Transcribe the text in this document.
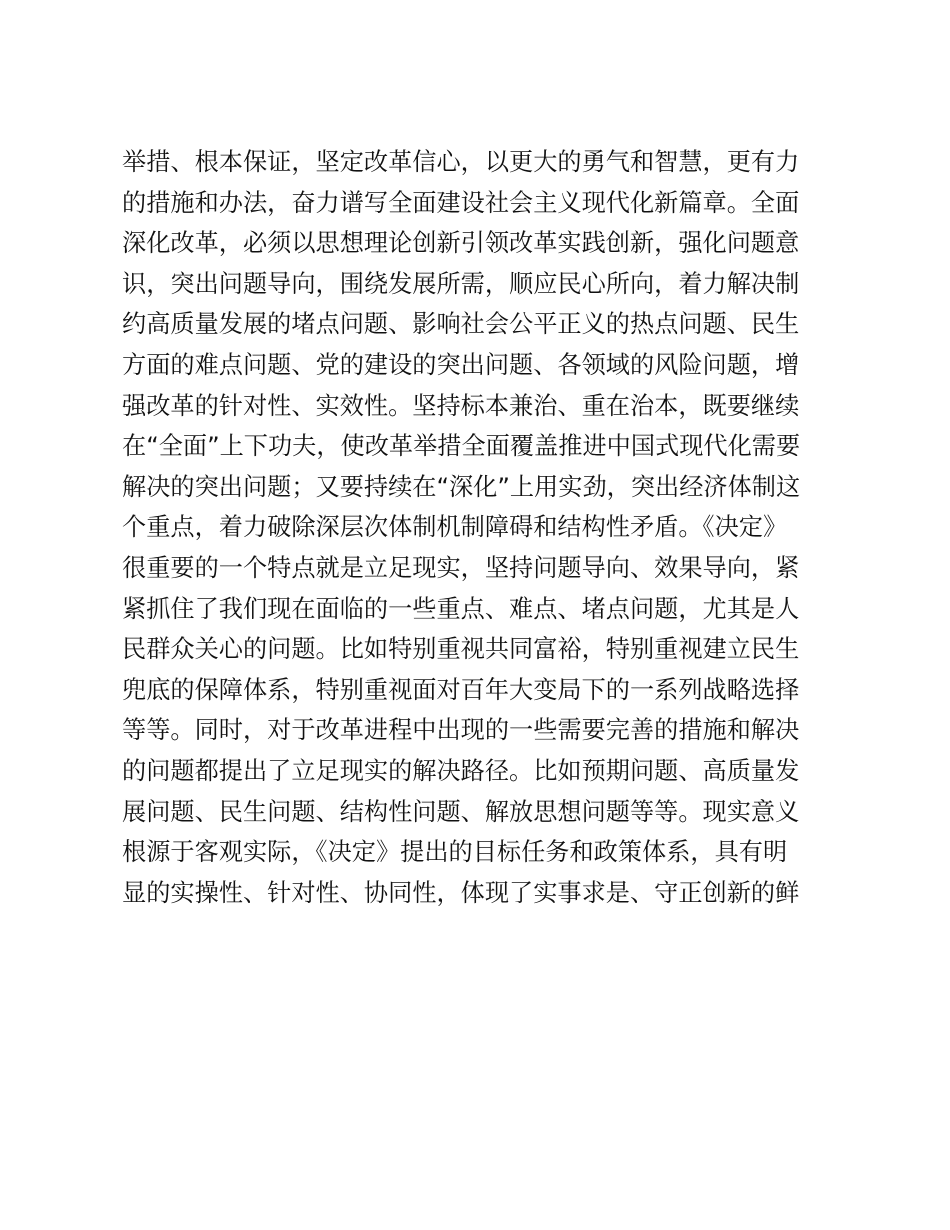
举措、根本保证，坚定改革信心，以更大的勇气和智慧，更有力
的措施和办法，奋力谱写全面建设社会主义现代化新篇章。全面
深化改革，必须以思想理论创新引领改革实践创新，强化问题意
识，突出问题导向，围绕发展所需，顺应民心所向，着力解决制
约高质量发展的堵点问题、影响社会公平正义的热点问题、民生
方面的难点问题、党的建设的突出问题、各领域的风险问题，增
强改革的针对性、实效性。坚持标本兼治、重在治本，既要继续
在“全面”上下功夫，使改革举措全面覆盖推进中国式现代化需要
解决的突出问题；又要持续在“深化”上用实劲，突出经济体制这
个重点，着力破除深层次体制机制障碍和结构性矛盾。《决定》
很重要的一个特点就是立足现实，坚持问题导向、效果导向，紧
紧抓住了我们现在面临的一些重点、难点、堵点问题，尤其是人
民群众关心的问题。比如特别重视共同富裕，特别重视建立民生
兜底的保障体系，特别重视面对百年大变局下的一系列战略选择
等等。同时，对于改革进程中出现的一些需要完善的措施和解决
的问题都提出了立足现实的解决路径。比如预期问题、高质量发
展问题、民生问题、结构性问题、解放思想问题等等。现实意义
根源于客观实际，《决定》提出的目标任务和政策体系，具有明
显的实操性、针对性、协同性，体现了实事求是、守正创新的鲜
